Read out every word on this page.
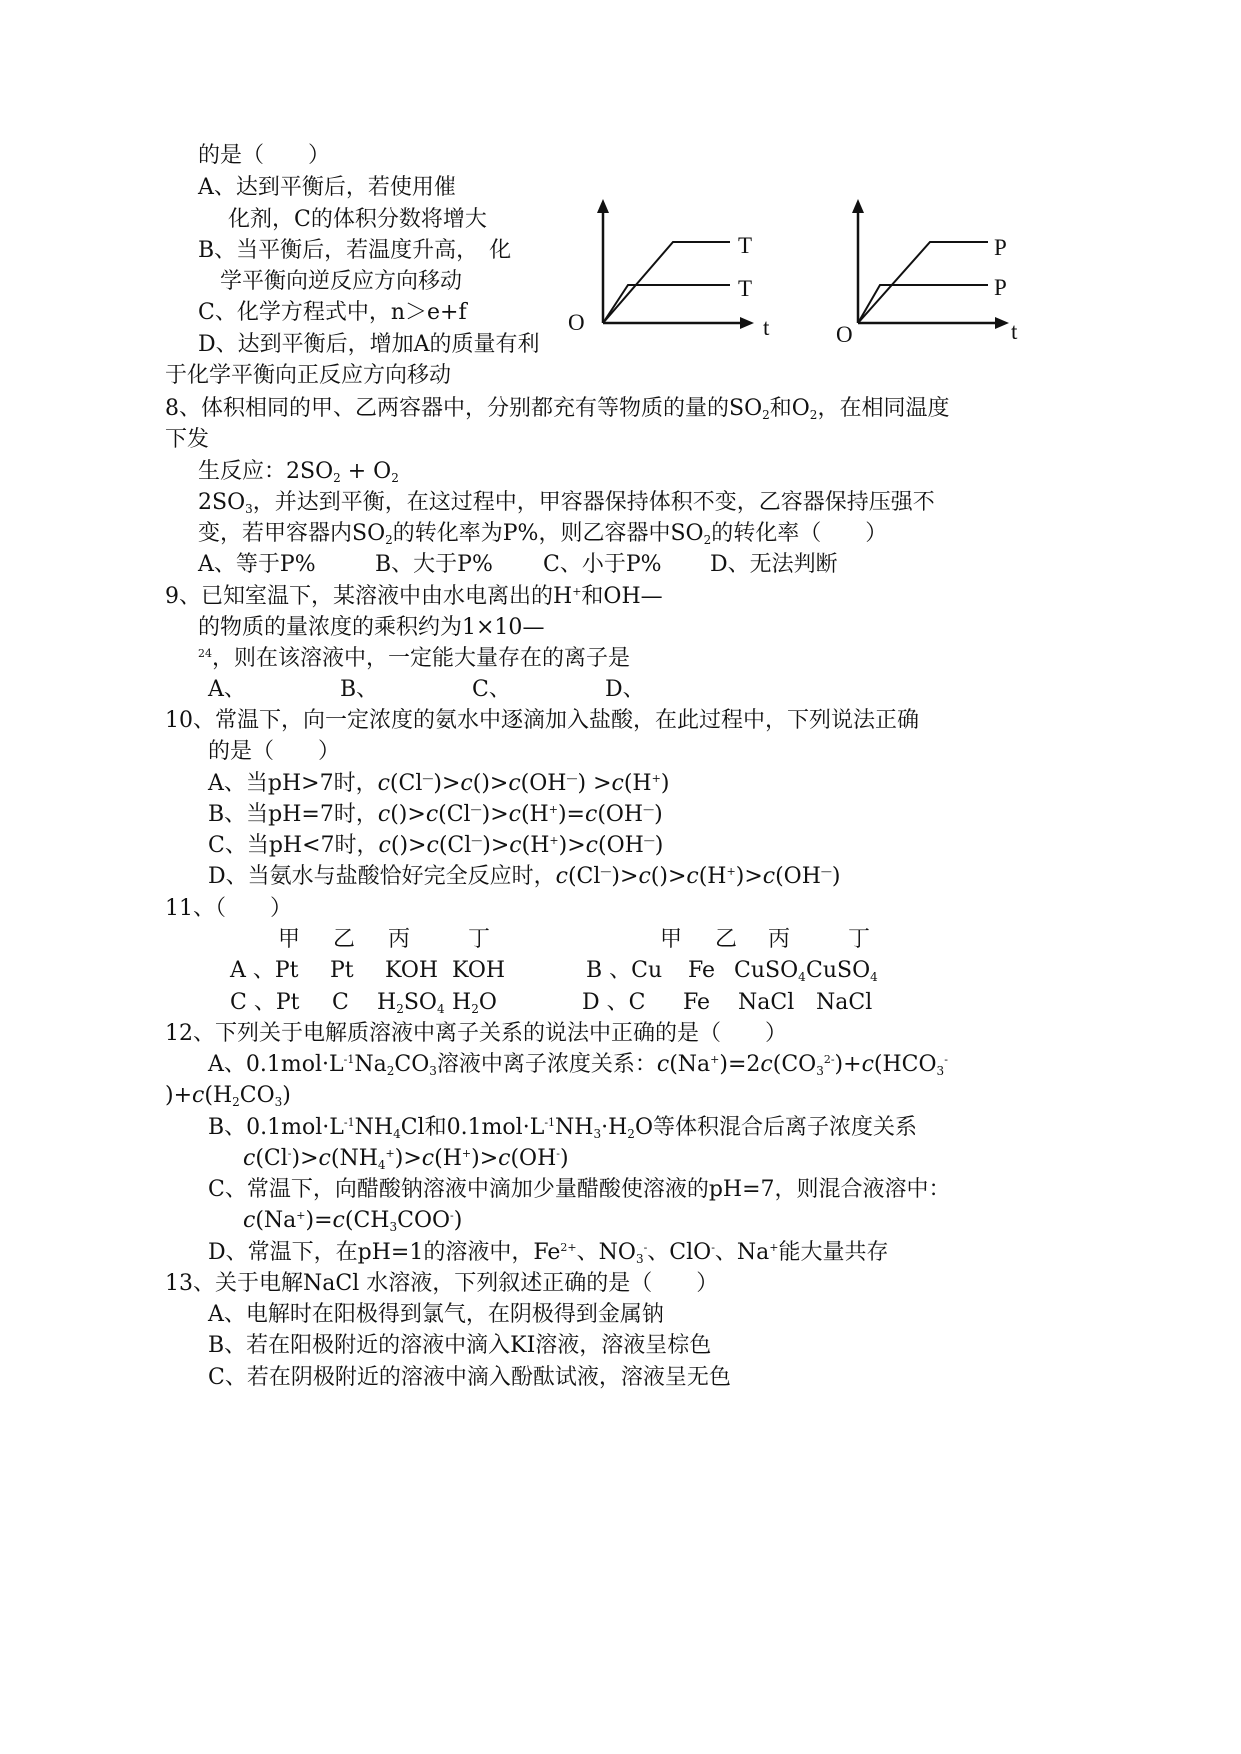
的是（　　）
A、达到平衡后，若使用催
化剂，C的体积分数将增大
B、当平衡后，若温度升高，　化
学平衡向逆反应方向移动
C、化学方程式中，n＞e+f
D、达到平衡后，增加A的质量有利
于化学平衡向正反应方向移动
O	t
T
T
O	t
P
P
8、体积相同的甲、乙两容器中，分别都充有等物质的量的$SO_2$和$O_2$，在相同温度
下发
生反应：$2SO_2 + O_2$
$2SO_3$，并达到平衡，在这过程中，甲容器保持体积不变，乙容器保持压强不
变，若甲容器内$SO_2$的转化率为P%，则乙容器中$SO_2$的转化率（　　）
A、等于P%	B、大于P% C、小于P% D、无法判断
9、已知室温下，某溶液中由水电离出的H+和OH—
的物质的量浓度的乘积约为1×10—
$^{24}$，则在该溶液中，一定能大量存在的离子是
A、	B、	C、	D、
10、常温下，向一定浓度的氨水中逐滴加入盐酸，在此过程中，下列说法正确
的是（　　）
A、当pH>7时，c(Cl—)>c()>c(OH—) >c(H+)
B、当pH=7时，c()>c(Cl—)>c(H+)=c(OH—)
C、当pH<7时，c()>c(Cl—)>c(H+)>c(OH—)
D、当氨水与盐酸恰好完全反应时，c(Cl—)>c()>c(H+)>c(OH—)
11、（　　）
甲 乙 丙	丁	甲 乙 丙	丁
A 、Pt Pt KOH KOH	B 、Cu Fe CuSO$_4$ CuSO$_4$
C 、Pt C $H_2SO_4$ $H_2O$	D 、C Fe NaCl NaCl
12、下列关于电解质溶液中离子关系的说法中正确的是（　　）
A、$0.1mol\cdot L^{-1}Na_2CO_3$溶液中离子浓度关系：$c(Na^+)=2c(CO_3^{2-})+c(HCO_3^-$
)$+c(H_2CO_3)$
B、$0.1mol\cdot L^{-1}NH_4Cl$和$0.1mol\cdot L^{-1}NH_3\cdot H_2O$等体积混合后离子浓度关系
$c(Cl^-)>c(NH_4^+)>c(H^+)>c(OH^-)$
C、常温下，向醋酸钠溶液中滴加少量醋酸使溶液的pH=7，则混合液溶中：
$c(Na^+)=c(CH_3COO^-)$
D、常温下，在pH=1的溶液中，$Fe^{2+}$、$NO_3^-$、ClO-、Na+能大量共存
13、关于电解NaCl 水溶液，下列叙述正确的是（　　）
A、电解时在阳极得到氯气，在阴极得到金属钠
B、若在阳极附近的溶液中滴入KI溶液，溶液呈棕色
C、若在阴极附近的溶液中滴入酚酞试液，溶液呈无色
